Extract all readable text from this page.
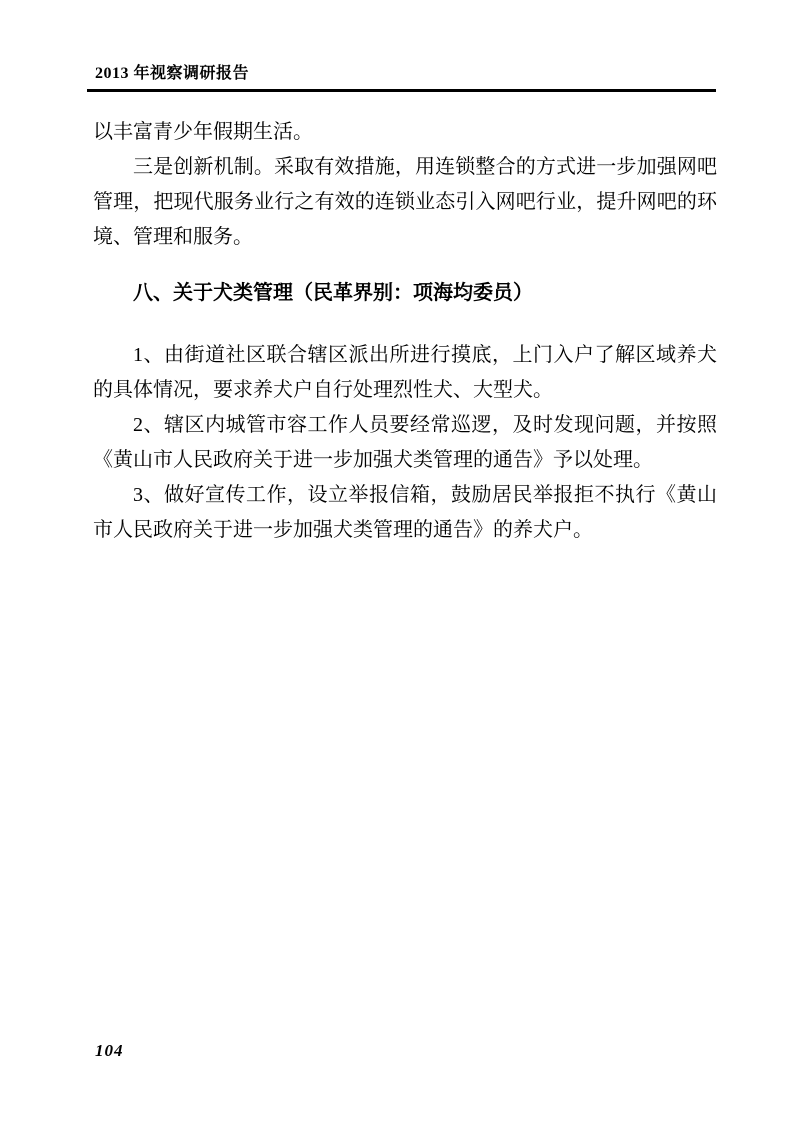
2013 年视察调研报告
以丰富青少年假期生活。
三是创新机制。采取有效措施，用连锁整合的方式进一步加强网吧
管理，把现代服务业行之有效的连锁业态引入网吧行业，提升网吧的环
境、管理和服务。
八、关于犬类管理（民革界别：项海均委员）
1、由街道社区联合辖区派出所进行摸底，上门入户了解区域养犬
的具体情况，要求养犬户自行处理烈性犬、大型犬。
2、辖区内城管市容工作人员要经常巡逻，及时发现问题，并按照
《黄山市人民政府关于进一步加强犬类管理的通告》予以处理。
3、做好宣传工作，设立举报信箱，鼓励居民举报拒不执行《黄山
市人民政府关于进一步加强犬类管理的通告》的养犬户。
104
